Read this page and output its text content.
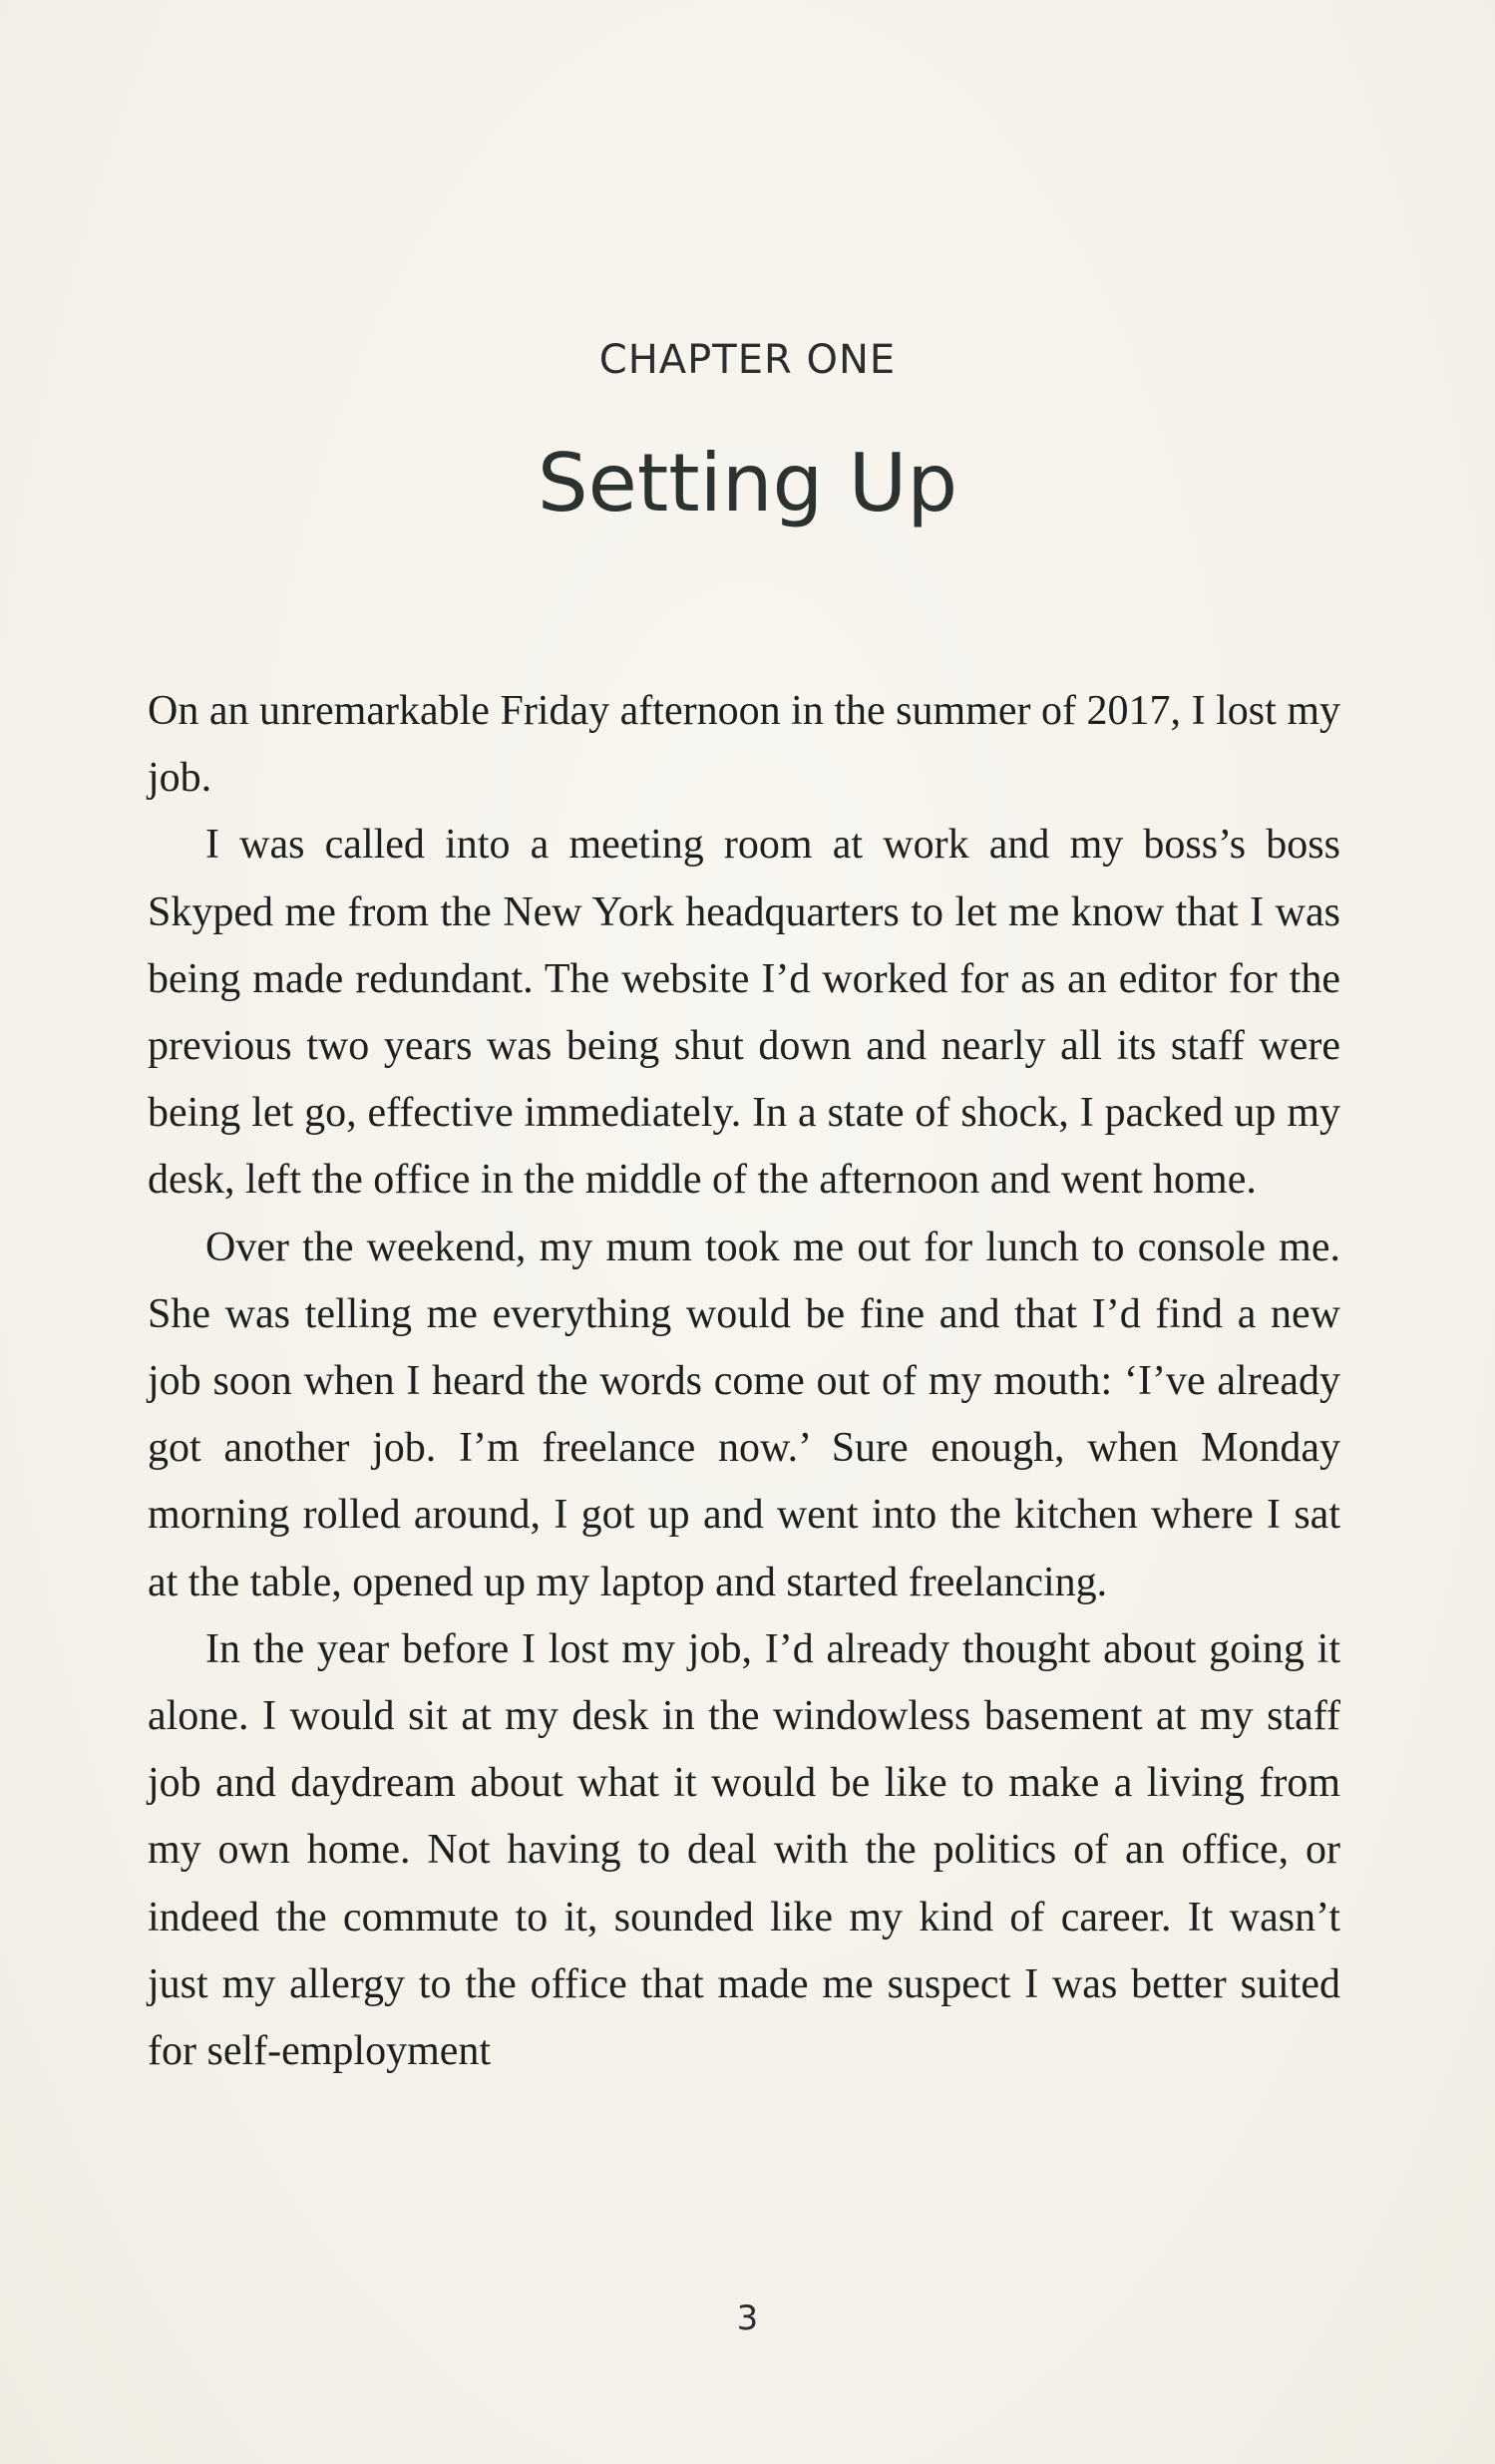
CHAPTER ONE
Setting Up

On an unremarkable Friday afternoon in the summer of 2017, I lost my job.

I was called into a meeting room at work and my boss’s boss Skyped me from the New York headquarters to let me know that I was being made redundant. The website I’d worked for as an editor for the previous two years was being shut down and nearly all its staff were being let go, effective immediately. In a state of shock, I packed up my desk, left the office in the middle of the afternoon and went home.

Over the weekend, my mum took me out for lunch to console me. She was telling me everything would be fine and that I’d find a new job soon when I heard the words come out of my mouth: ‘I’ve already got another job. I’m freelance now.’ Sure enough, when Monday morning rolled around, I got up and went into the kitchen where I sat at the table, opened up my laptop and started freelancing.

In the year before I lost my job, I’d already thought about going it alone. I would sit at my desk in the windowless basement at my staff job and daydream about what it would be like to make a living from my own home. Not having to deal with the politics of an office, or indeed the commute to it, sounded like my kind of career. It wasn’t just my allergy to the office that made me suspect I was better suited for self-employment

3
